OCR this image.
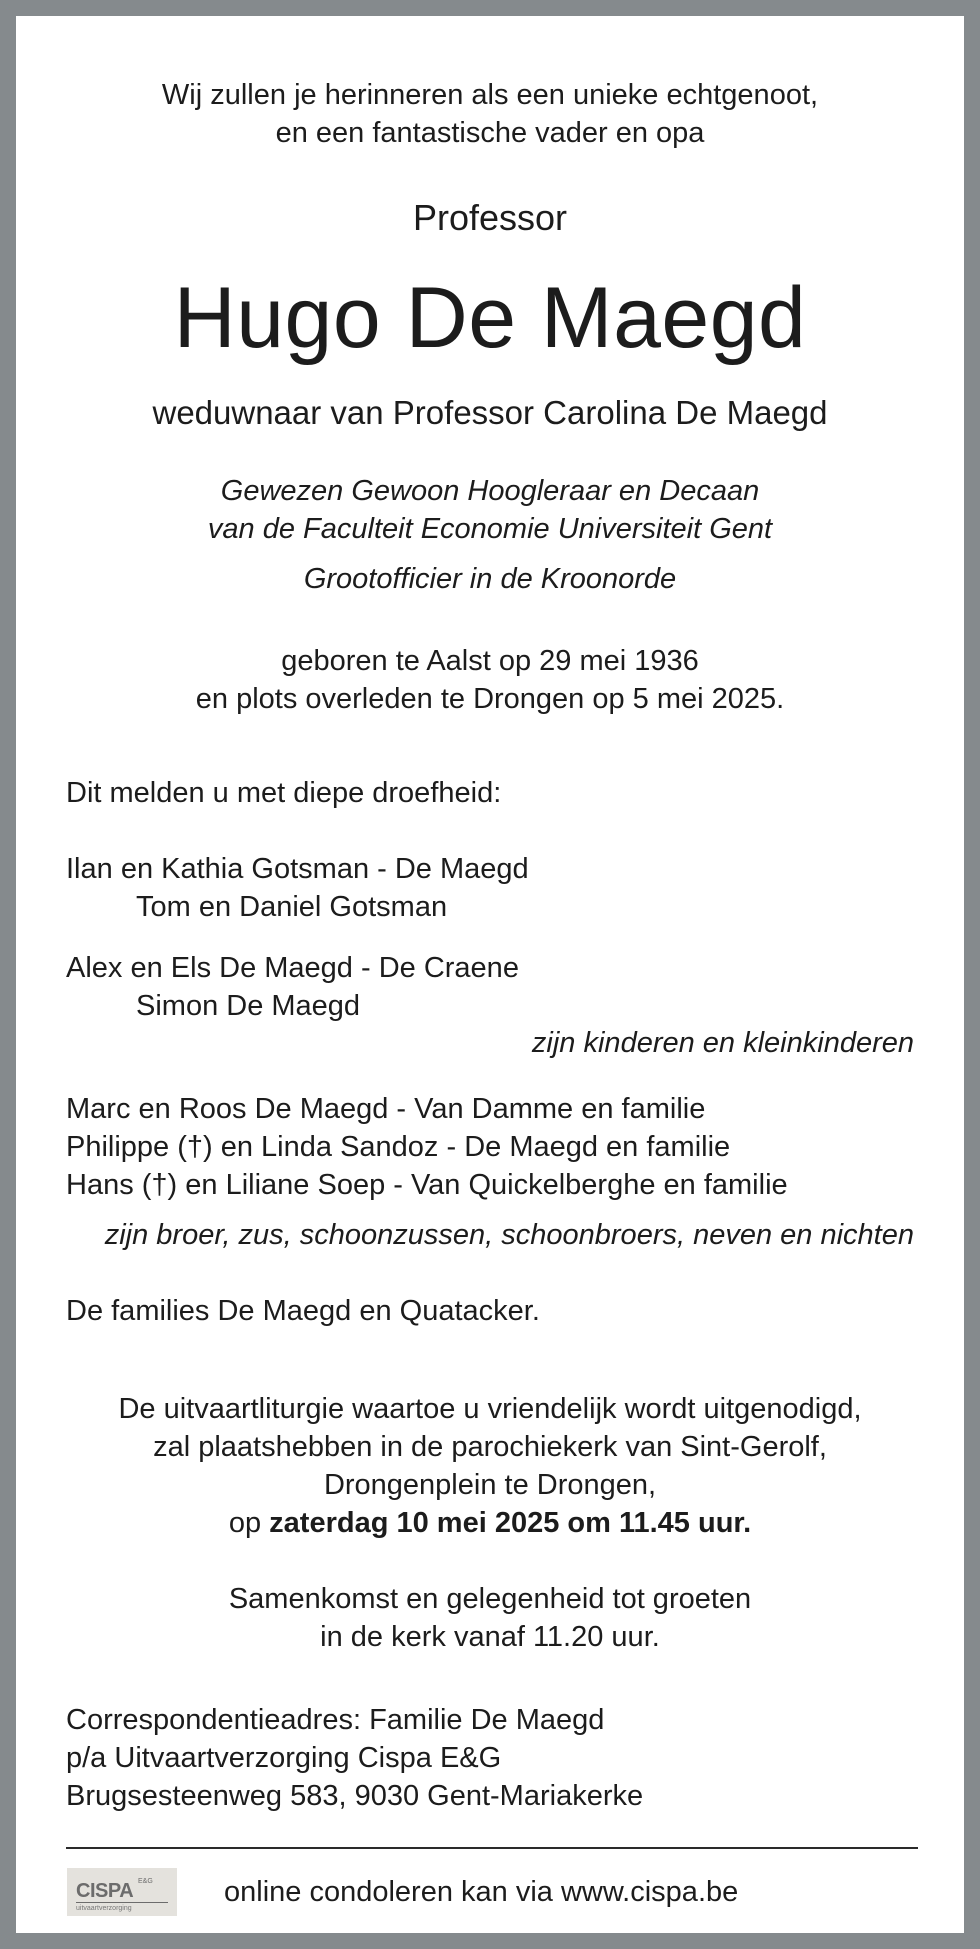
Wij zullen je herinneren als een unieke echtgenoot,
en een fantastische vader en opa
Professor
Hugo De Maegd
weduwnaar van Professor Carolina De Maegd
Gewezen Gewoon Hoogleraar en Decaan
van de Faculteit Economie Universiteit Gent
Grootofficier in de Kroonorde
geboren te Aalst op 29 mei 1936
en plots overleden te Drongen op 5 mei 2025.
Dit melden u met diepe droefheid:
Ilan en Kathia Gotsman - De Maegd
Tom en Daniel Gotsman
Alex en Els De Maegd - De Craene
Simon De Maegd
zijn kinderen en kleinkinderen
Marc en Roos De Maegd - Van Damme en familie
Philippe (†) en Linda Sandoz - De Maegd en familie
Hans (†) en Liliane Soep - Van Quickelberghe en familie
zijn broer, zus, schoonzussen, schoonbroers, neven en nichten
De families De Maegd en Quatacker.
De uitvaartliturgie waartoe u vriendelijk wordt uitgenodigd,
zal plaatshebben in de parochiekerk van Sint-Gerolf,
Drongenplein te Drongen,
op zaterdag 10 mei 2025 om 11.45 uur.
Samenkomst en gelegenheid tot groeten
in de kerk vanaf 11.20 uur.
Correspondentieadres: Familie De Maegd
p/a Uitvaartverzorging Cispa E&G
Brugsesteenweg 583, 9030 Gent-Mariakerke
CISPA E&G
uitvaartverzorging
online condoleren kan via www.cispa.be
